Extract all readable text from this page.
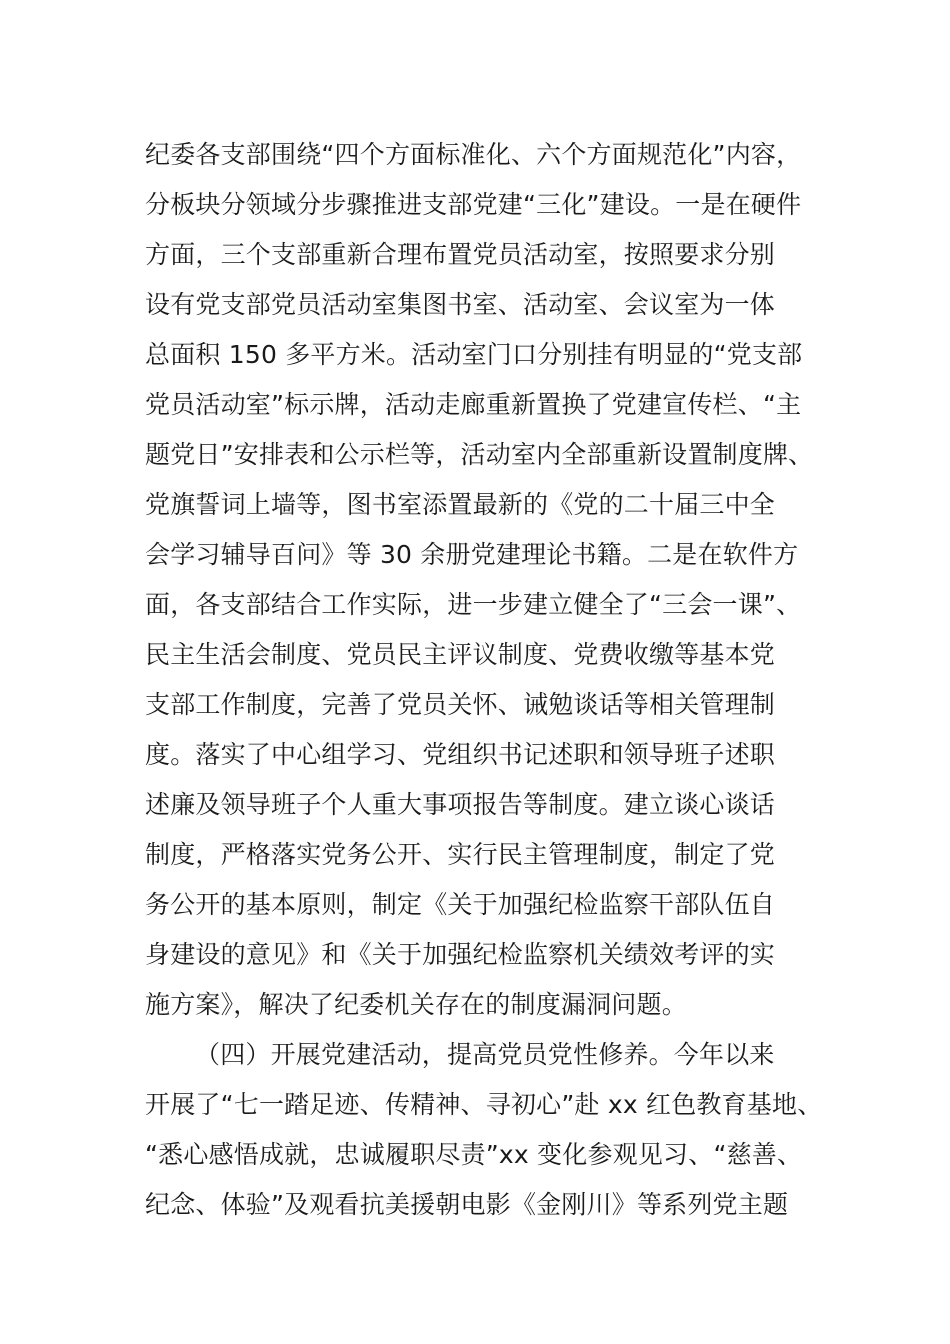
纪委各支部围绕“四个方面标准化、六个方面规范化”内容，
分板块分领域分步骤推进支部党建“三化”建设。一是在硬件
方面，三个支部重新合理布置党员活动室，按照要求分别
设有党支部党员活动室集图书室、活动室、会议室为一体
总面积 150 多平方米。活动室门口分别挂有明显的“党支部
党员活动室”标示牌，活动走廊重新置换了党建宣传栏、“主
题党日”安排表和公示栏等，活动室内全部重新设置制度牌、
党旗誓词上墙等，图书室添置最新的《党的二十届三中全
会学习辅导百问》等 30 余册党建理论书籍。二是在软件方
面，各支部结合工作实际，进一步建立健全了“三会一课”、
民主生活会制度、党员民主评议制度、党费收缴等基本党
支部工作制度，完善了党员关怀、诫勉谈话等相关管理制
度。落实了中心组学习、党组织书记述职和领导班子述职
述廉及领导班子个人重大事项报告等制度。建立谈心谈话
制度，严格落实党务公开、实行民主管理制度，制定了党
务公开的基本原则，制定《关于加强纪检监察干部队伍自
身建设的意见》和《关于加强纪检监察机关绩效考评的实
施方案》，解决了纪委机关存在的制度漏洞问题。
（四）开展党建活动，提高党员党性修养。今年以来
开展了“七一踏足迹、传精神、寻初心”赴 xx 红色教育基地、
“悉心感悟成就，忠诚履职尽责”xx 变化参观见习、“慈善、
纪念、体验”及观看抗美援朝电影《金刚川》等系列党主题
